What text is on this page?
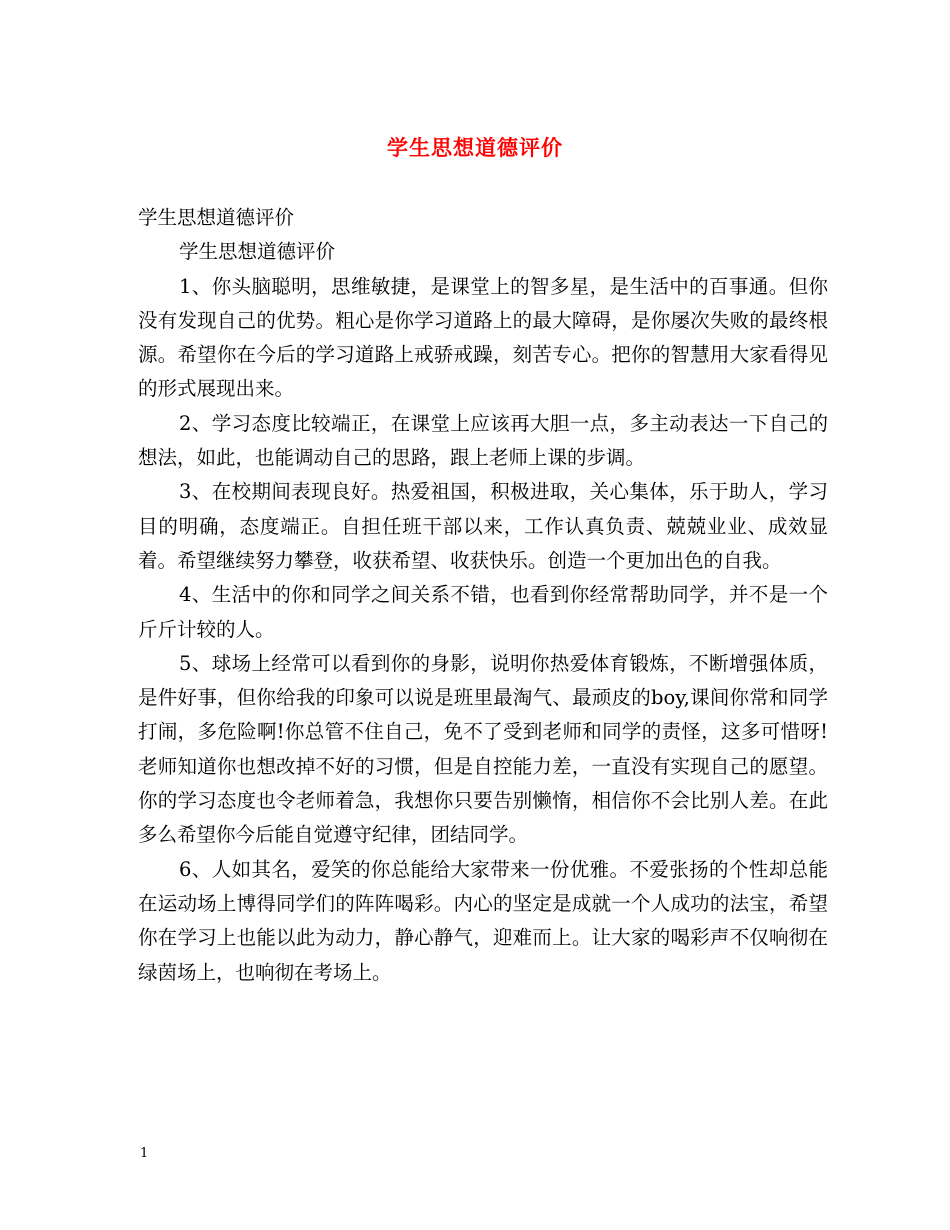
学生思想道德评价

学生思想道德评价

学生思想道德评价

1、你头脑聪明，思维敏捷，是课堂上的智多星，是生活中的百事通。但你没有发现自己的优势。粗心是你学习道路上的最大障碍，是你屡次失败的最终根源。希望你在今后的学习道路上戒骄戒躁，刻苦专心。把你的智慧用大家看得见的形式展现出来。

2、学习态度比较端正，在课堂上应该再大胆一点，多主动表达一下自己的想法，如此，也能调动自己的思路，跟上老师上课的步调。

3、在校期间表现良好。热爱祖国，积极进取，关心集体，乐于助人，学习目的明确，态度端正。自担任班干部以来，工作认真负责、兢兢业业、成效显着。希望继续努力攀登，收获希望、收获快乐。创造一个更加出色的自我。

4、生活中的你和同学之间关系不错，也看到你经常帮助同学，并不是一个斤斤计较的人。

5、球场上经常可以看到你的身影，说明你热爱体育锻炼，不断增强体质，是件好事，但你给我的印象可以说是班里最淘气、最顽皮的boy,课间你常和同学打闹，多危险啊!你总管不住自己，免不了受到老师和同学的责怪，这多可惜呀!老师知道你也想改掉不好的习惯，但是自控能力差，一直没有实现自己的愿望。你的学习态度也令老师着急，我想你只要告别懒惰，相信你不会比别人差。在此多么希望你今后能自觉遵守纪律，团结同学。

6、人如其名，爱笑的你总能给大家带来一份优雅。不爱张扬的个性却总能在运动场上博得同学们的阵阵喝彩。内心的坚定是成就一个人成功的法宝，希望你在学习上也能以此为动力，静心静气，迎难而上。让大家的喝彩声不仅响彻在绿茵场上，也响彻在考场上。

1
